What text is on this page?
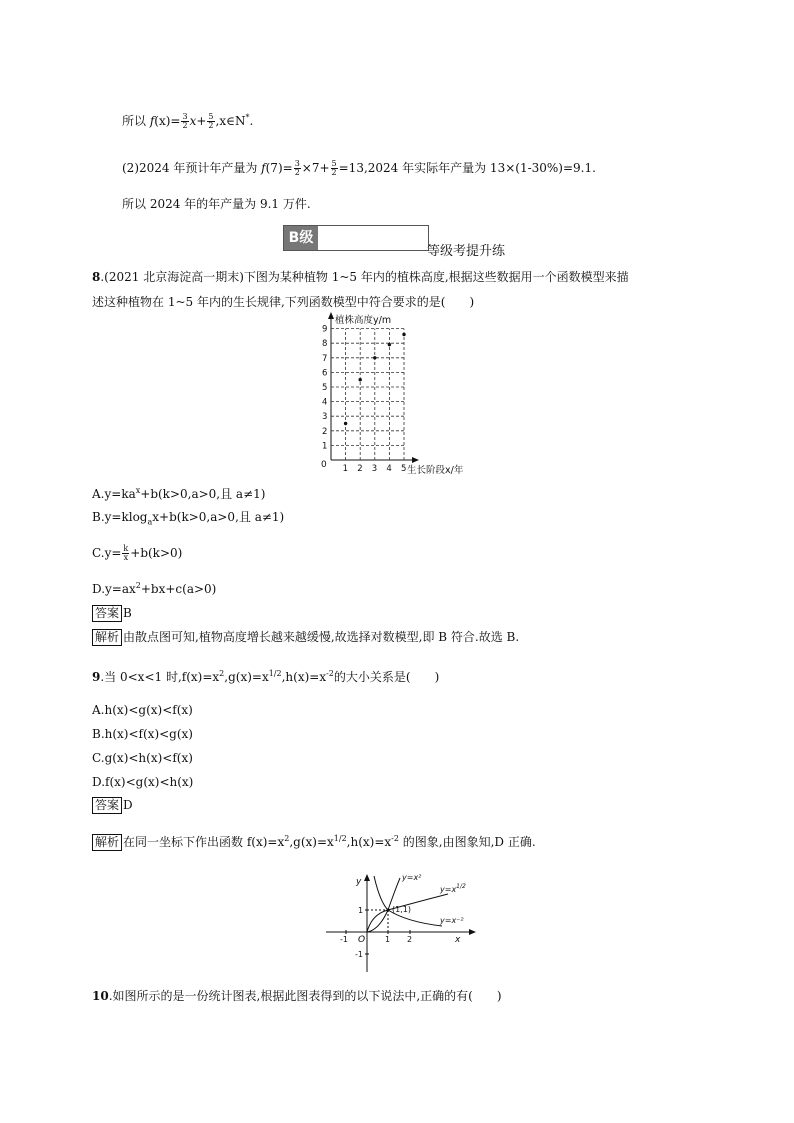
所以 $f(x)= \frac{3}{2} x+ \frac{5}{2}$ ,x∈N*.
(2)2024 年预计年产量为 $f(7)= \frac{3}{2} \times 7+ \frac{5}{2} =13,2024$ 年实际年产量为 13×(1-30%)=9.1.
所以 2024 年的年产量为 9.1 万件.
B级
等级考提升练
8.(2021 北京海淀高一期末)下图为某种植物 1~5 年内的植株高度,根据这些数据用一个函数模型来描
述这种植物在 1~5 年内的生长规律,下列函数模型中符合要求的是(　　)
1 2 3 4 5
1
2
3
4
5
6
7
8
9
植株高度y/m
生长阶段x/年
0
$A.y=ka^x+b(k>0,a>0$,且 a≠1)
B.y=klog$_a$x+b(k>0,a>0,且 a≠1)
$C.y= \frac{k}{x} +b(k>0)$
$D.y=ax^2+bx+c(a>0)$
答案 B
解析 由散点图可知,植物高度增长越来越缓慢,故选择对数模型,即 B 符合.故选 B.
9.当 0<x<1 时$,f(x)=x^2,g(x)=x^{1/2},h(x)=x^{-2}$的大小关系是(　　)
A.h(x)<g(x)<f(x)
B.h(x)<f(x)<g(x)
C.g(x)<h(x)<f(x)
D.f(x)<g(x)<h(x)
答案 D
解析 在同一坐标下作出函数 $f(x)=x^2,g(x)=x^{1/2},h(x)=x^{-2}$ 的图象,由图象知,D 正确.
x
y
O
-1	1 2
1
-1
(1,1)
y=x²
$y=x^{1/2}$
y=x⁻²
10.如图所示的是一份统计图表,根据此图表得到的以下说法中,正确的有(　　)
